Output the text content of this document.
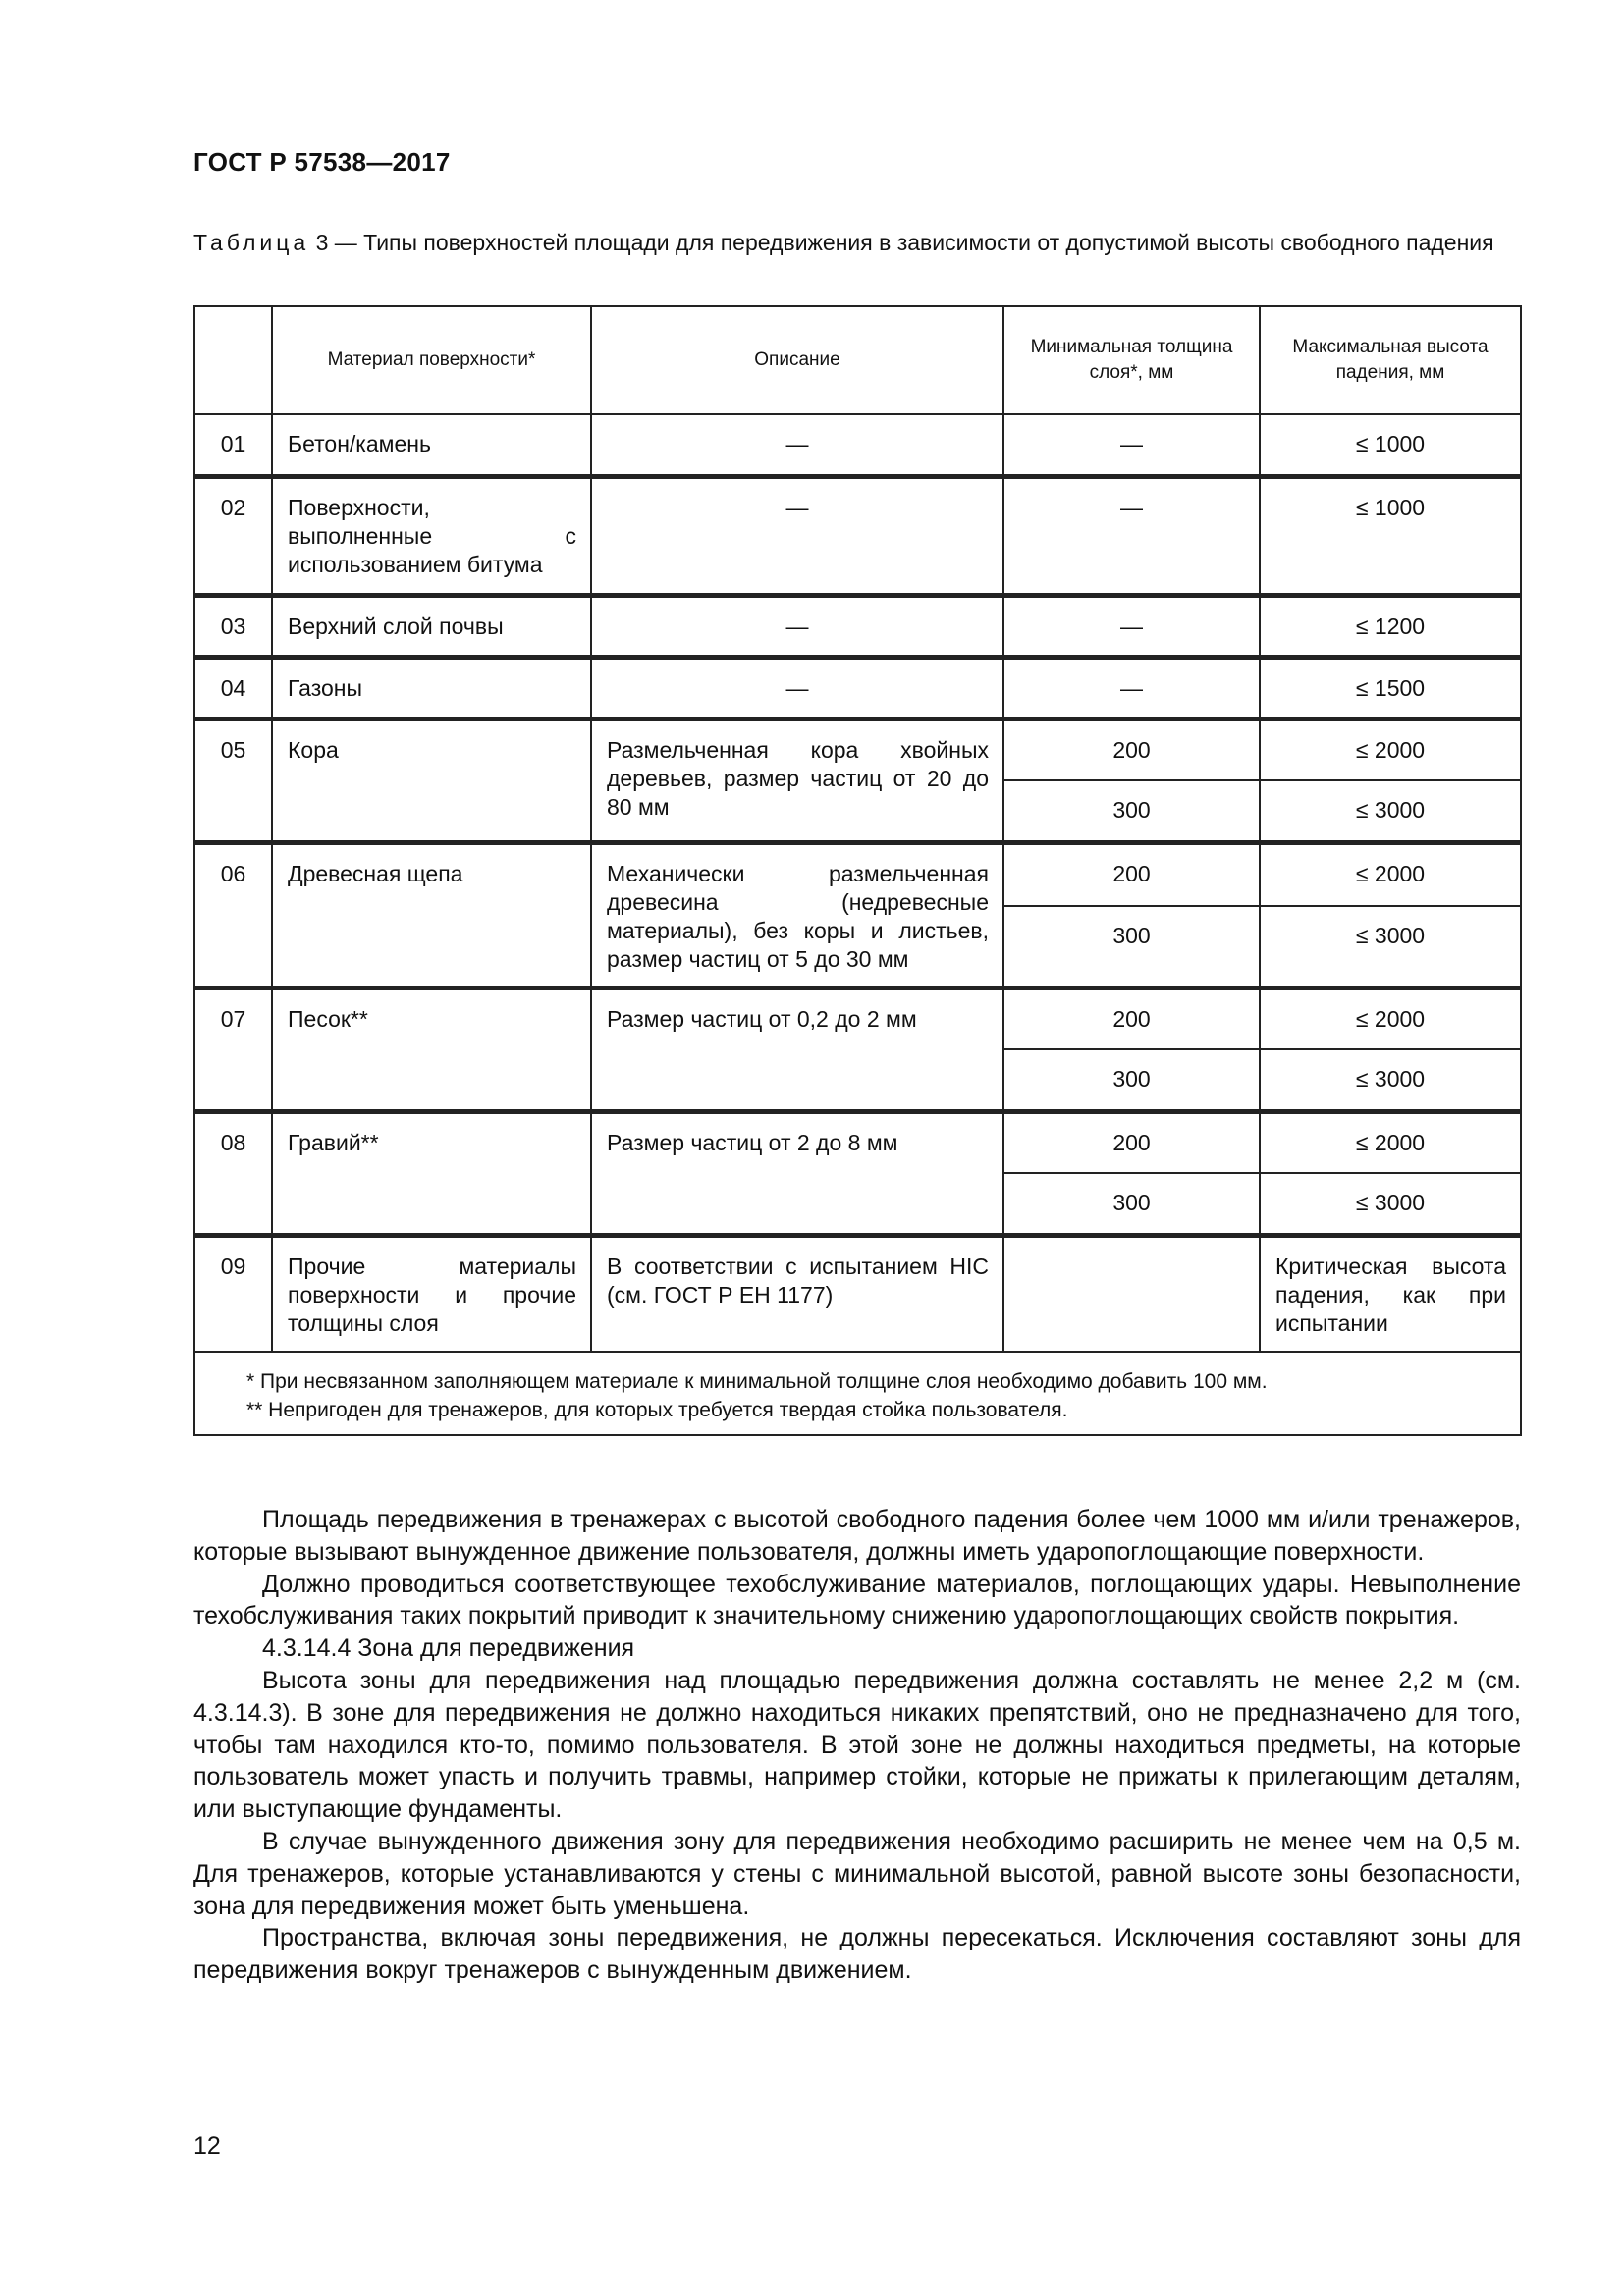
ГОСТ Р 57538—2017
Таблица 3 — Типы поверхностей площади для передвижения в зависимости от допустимой высоты свободного падения
	Материал поверхности*	Описание	Минимальная толщина слоя*, мм	Максимальная высота падения, мм
01	Бетон/камень	—	—	≤ 1000
02	Поверхности, выполненные с использованием битума	—	—	≤ 1000
03	Верхний слой почвы	—	—	≤ 1200
04	Газоны	—	—	≤ 1500
05	Кора	Размельченная кора хвойных деревьев, размер частиц от 20 до 80 мм	200	≤ 2000
			300	≤ 3000
06	Древесная щепа	Механически размельченная древесина (недревесные материалы), без коры и листьев, размер частиц от 5 до 30 мм	200	≤ 2000
			300	≤ 3000
07	Песок**	Размер частиц от 0,2 до 2 мм	200	≤ 2000
			300	≤ 3000
08	Гравий**	Размер частиц от 2 до 8 мм	200	≤ 2000
			300	≤ 3000
09	Прочие материалы поверхности и прочие толщины слоя	В соответствии с испытанием HIC (см. ГОСТ Р ЕН 1177)		Критическая высота падения, как при испытании

* При несвязанном заполняющем материале к минимальной толщине слоя необходимо добавить 100 мм.
** Непригоден для тренажеров, для которых требуется твердая стойка пользователя.				

Площадь передвижения в тренажерах с высотой свободного падения более чем 1000 мм и/или тренажеров, которые вызывают вынужденное движение пользователя, должны иметь ударопоглощающие поверхности.

Должно проводиться соответствующее техобслуживание материалов, поглощающих удары. Невыполнение техобслуживания таких покрытий приводит к значительному снижению ударопоглощающих свойств покрытия.

4.3.14.4 Зона для передвижения

Высота зоны для передвижения над площадью передвижения должна составлять не менее 2,2 м (см. 4.3.14.3). В зоне для передвижения не должно находиться никаких препятствий, оно не предназначено для того, чтобы там находился кто-то, помимо пользователя. В этой зоне не должны находиться предметы, на которые пользователь может упасть и получить травмы, например стойки, которые не прижаты к прилегающим деталям, или выступающие фундаменты.

В случае вынужденного движения зону для передвижения необходимо расширить не менее чем на 0,5 м. Для тренажеров, которые устанавливаются у стены с минимальной высотой, равной высоте зоны безопасности, зона для передвижения может быть уменьшена.

Пространства, включая зоны передвижения, не должны пересекаться. Исключения составляют зоны для передвижения вокруг тренажеров с вынужденным движением.

12
